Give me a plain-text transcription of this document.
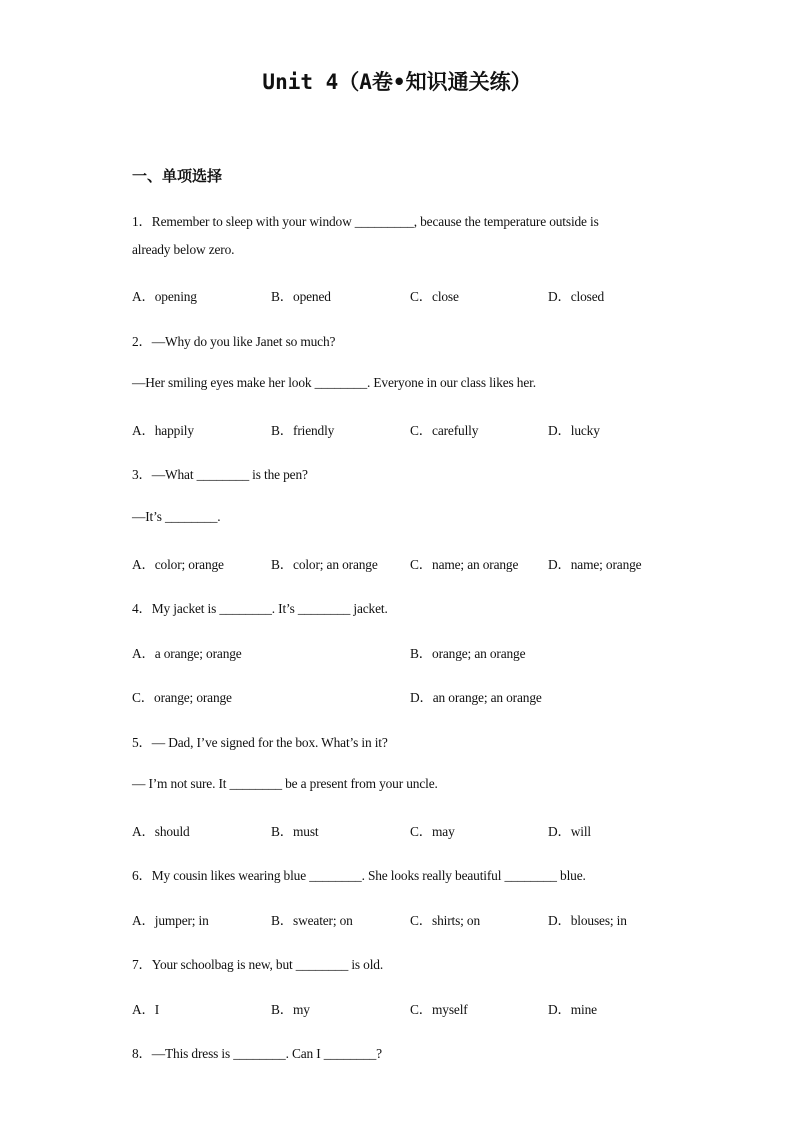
Unit 4（A卷•知识通关练）
一、单项选择
1．Remember to sleep with your window _________, because the temperature outside is
already below zero.
A．opening	B．opened	C．close	D．closed
2．—Why do you like Janet so much?
—Her smiling eyes make her look ________. Everyone in our class likes her.
A．happily	B．friendly	C．carefully	D．lucky
3．—What ________ is the pen?
—It’s ________.
A．color; orange	B．color; an orange C．name; an orange D．name; orange
4．My jacket is ________. It’s ________ jacket.
A．a orange; orange	B．orange; an orange
C．orange; orange	D．an orange; an orange
5．— Dad, I’ve signed for the box. What’s in it?
— I’m not sure. It ________ be a present from your uncle.
A．should	B．must	C．may	D．will
6．My cousin likes wearing blue ________. She looks really beautiful ________ blue.
A．jumper; in	B．sweater; on	C．shirts; on	D．blouses; in
7．Your schoolbag is new, but ________ is old.
A．I	B．my	C．myself	D．mine
8．—This dress is ________. Can I ________?
